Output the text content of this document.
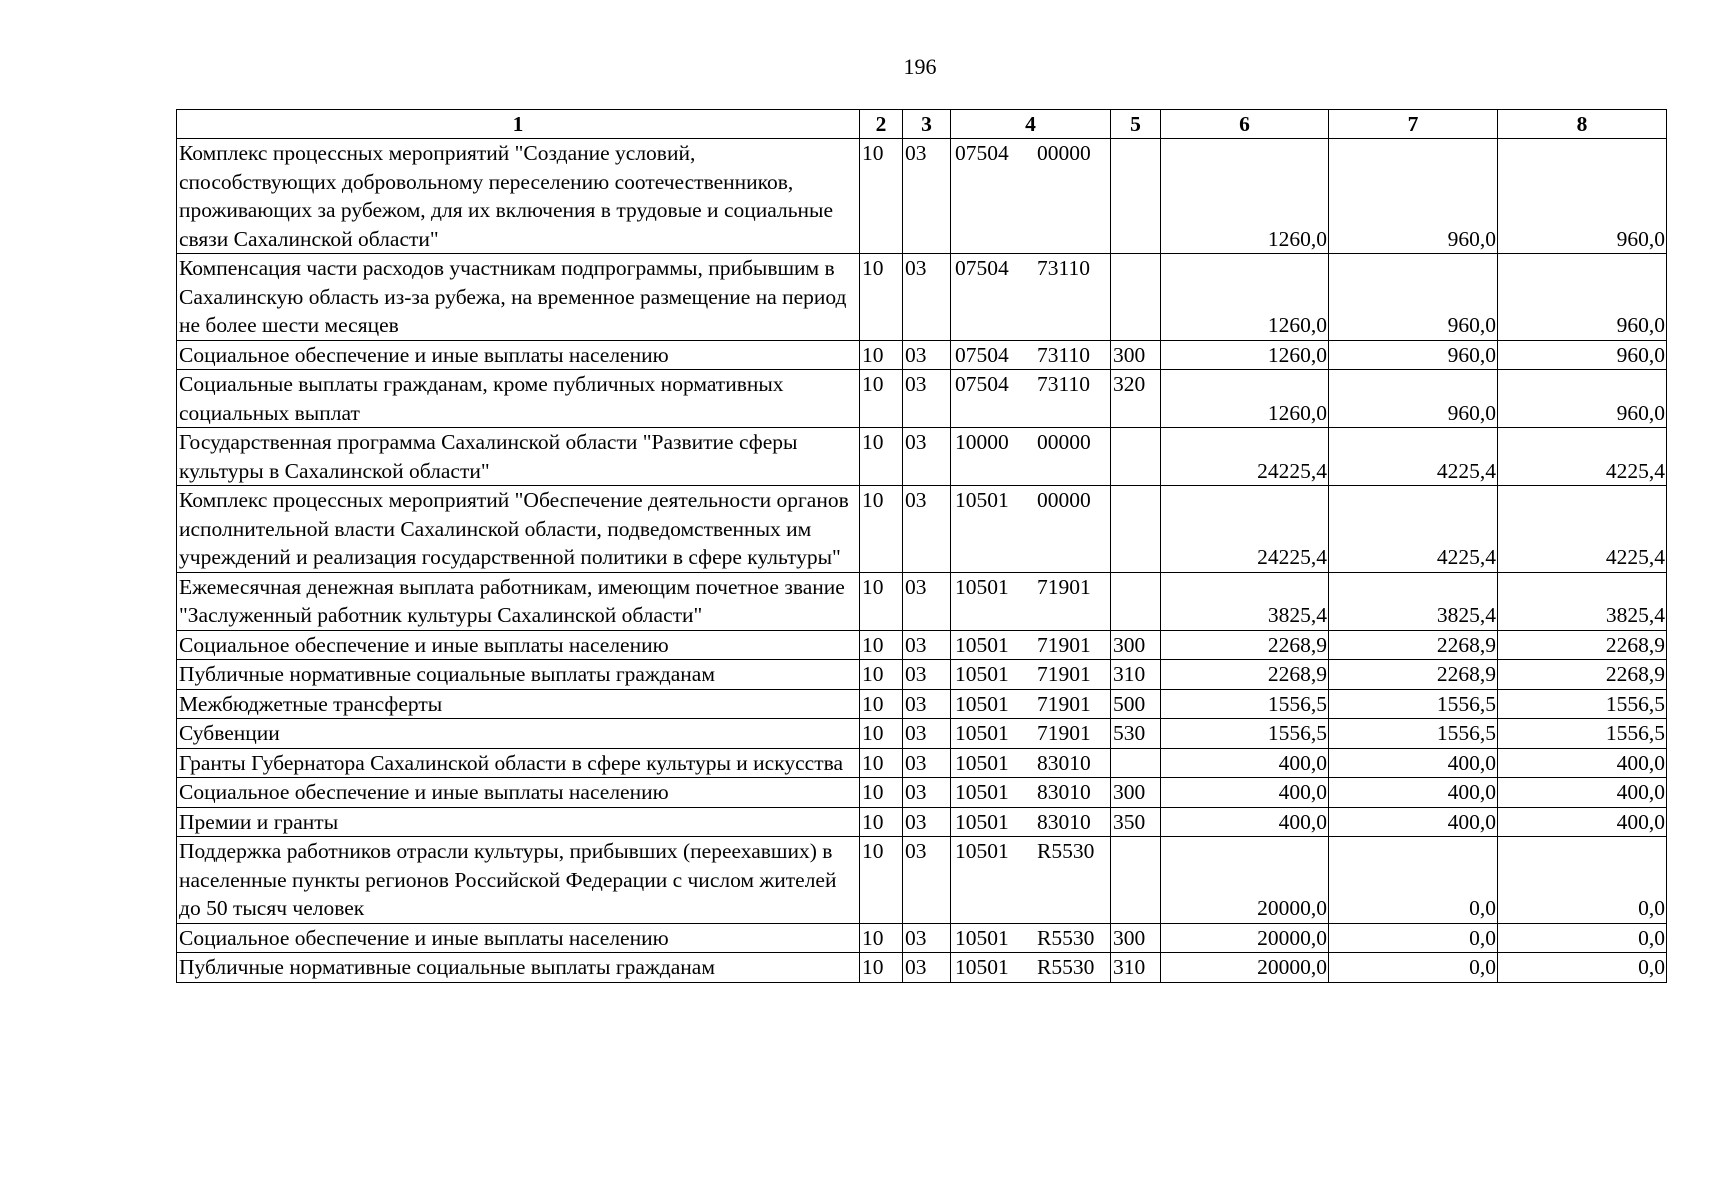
196
1	2	3	4	5	6	7	8
Комплекс процессных мероприятий "Создание условий, способствующих добровольному переселению соотечественников, проживающих за рубежом, для их включения в трудовые и социальные связи Сахалинской области"	10	03	07504 00000		1260,0	960,0	960,0
Компенсация части расходов участникам подпрограммы, прибывшим в Сахалинскую область из-за рубежа, на временное размещение на период не более шести месяцев	10	03	07504 73110		1260,0	960,0	960,0
Социальное обеспечение и иные выплаты населению	10	03	07504 73110	300	1260,0	960,0	960,0
Социальные выплаты гражданам, кроме публичных нормативных социальных выплат	10	03	07504 73110	320	1260,0	960,0	960,0
Государственная программа Сахалинской области "Развитие сферы культуры в Сахалинской области"	10	03	10000 00000		24225,4	4225,4	4225,4
Комплекс процессных мероприятий "Обеспечение деятельности органов исполнительной власти Сахалинской области, подведомственных им учреждений и реализация государственной политики в сфере культуры"	10	03	10501 00000		24225,4	4225,4	4225,4
Ежемесячная денежная выплата работникам, имеющим почетное звание "Заслуженный работник культуры Сахалинской области"	10	03	10501 71901		3825,4	3825,4	3825,4
Социальное обеспечение и иные выплаты населению	10	03	10501 71901	300	2268,9	2268,9	2268,9
Публичные нормативные социальные выплаты гражданам	10	03	10501 71901	310	2268,9	2268,9	2268,9
Межбюджетные трансферты	10	03	10501 71901	500	1556,5	1556,5	1556,5
Субвенции	10	03	10501 71901	530	1556,5	1556,5	1556,5
Гранты Губернатора Сахалинской области в сфере культуры и искусства	10	03	10501 83010		400,0	400,0	400,0
Социальное обеспечение и иные выплаты населению	10	03	10501 83010	300	400,0	400,0	400,0
Премии и гранты	10	03	10501 83010	350	400,0	400,0	400,0
Поддержка работников отрасли культуры, прибывших (переехавших) в населенные пункты регионов Российской Федерации с числом жителей до 50 тысяч человек	10	03	10501 R5530		20000,0	0,0	0,0
Социальное обеспечение и иные выплаты населению	10	03	10501 R5530	300	20000,0	0,0	0,0
Публичные нормативные социальные выплаты гражданам	10	03	10501 R5530	310	20000,0	0,0	0,0
